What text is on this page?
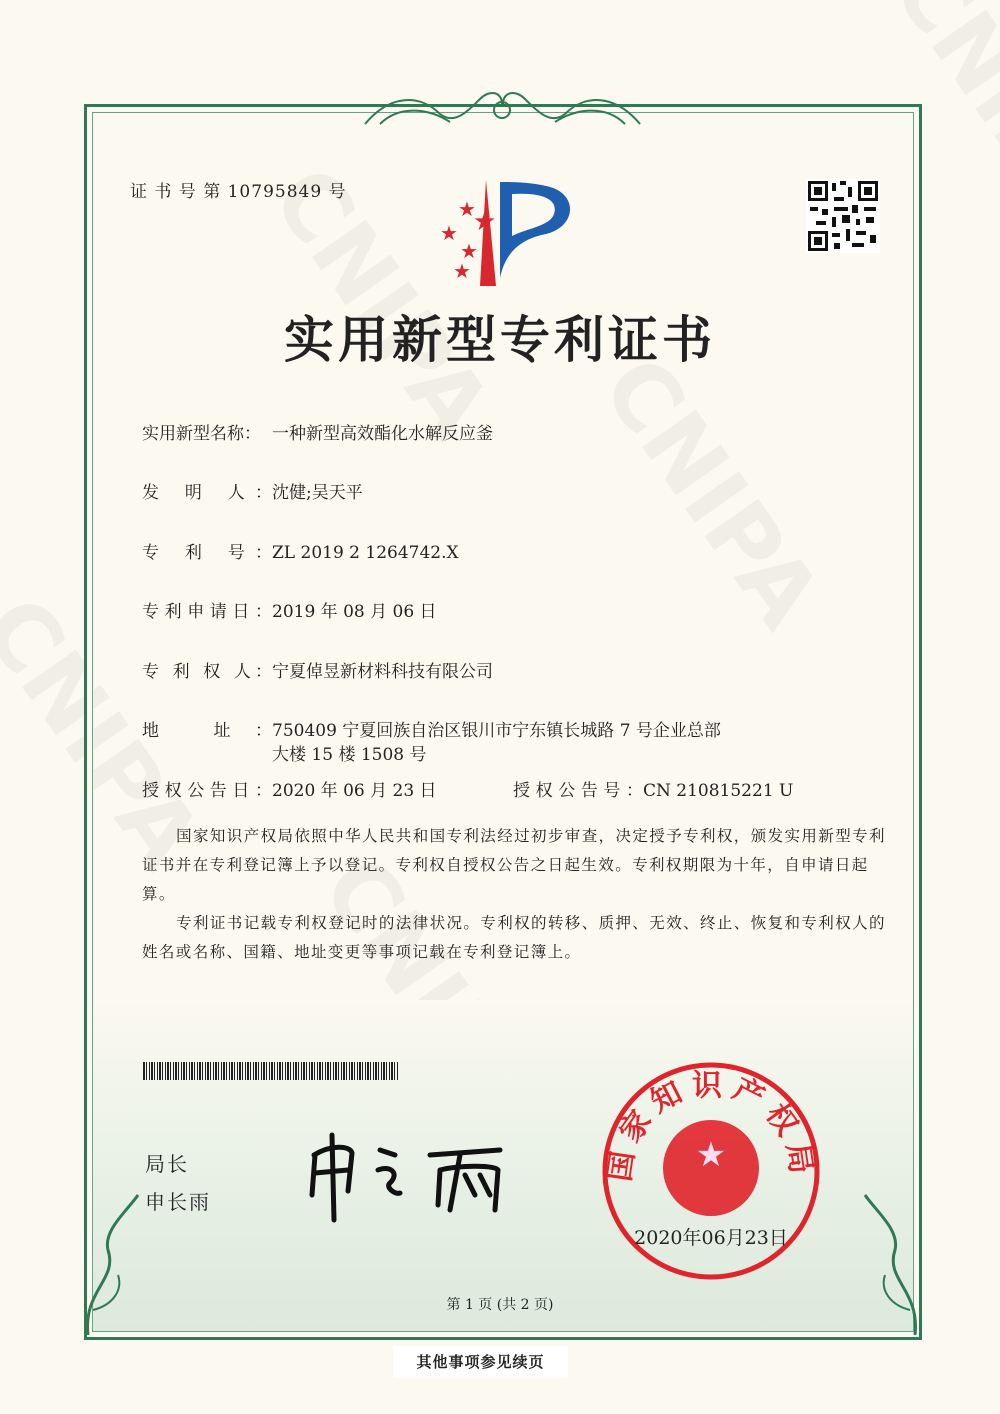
证 书 号 第 10795849 号
★
★
★
★
★
实用新型专利证书
实用新型名称： 一种新型高效酯化水解反应釜
发 明 人：沈健;吴天平
专 利 号：ZL 2019 2 1264742.X
专利申请日：2019 年 08 月 06 日
专 利 权 人：宁夏倬昱新材料科技有限公司
地 址：750409 宁夏回族自治区银川市宁东镇长城路 7 号企业总部
大楼 15 楼 1508 号
授权公告日：2020 年 06 月 23 日	授权公告号：CN 210815221 U
国家知识产权局依照中华人民共和国专利法经过初步审查，决定授予专利权，颁发实用新型专利证书并在专利登记簿上予以登记。专利权自授权公告之日起生效。专利权期限为十年，自申请日起算。
专利证书记载专利权登记时的法律状况。专利权的转移、质押、无效、终止、恢复和专利权人的姓名或名称、国籍、地址变更等事项记载在专利登记簿上。
局长
申长雨
★
国家知识产权局
2020年06月23日
第 1 页 (共 2 页)
其他事项参见续页
